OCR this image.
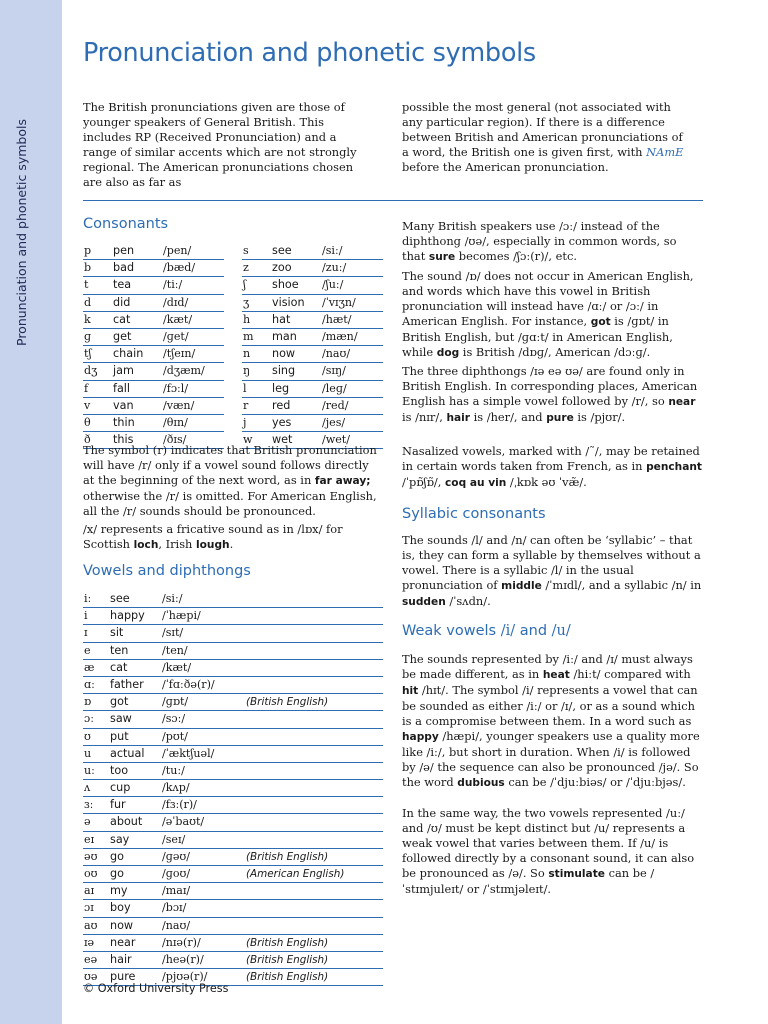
Pronunciation and phonetic symbols
Pronunciation and phonetic symbols

The British pronunciations given are those of younger speakers of General British. This includes RP (Received Pronunciation) and a range of similar accents which are not strongly regional. The American pronunciations chosen are also as far as

possible the most general (not associated with any particular region). If there is a difference between British and American pronunciations of a word, the British one is given first, with NAmE before the American pronunciation.

Consonants
p pen	/pen/
b bad	/bæd/
t tea	/tiː/
d did	/dɪd/
k cat	/kæt/
ɡ get	/ɡet/
tʃ chain /tʃeɪn/
dʒ jam	/dʒæm/
f fall	/fɔːl/
v van	/væn/
θ thin	/θɪn/
ð this	/ðɪs/
s see	/siː/
z zoo	/zuː/
ʃ shoe /ʃuː/
ʒ vision /ˈvɪʒn/
h hat	/hæt/
m man /mæn/
n now /naʊ/
ŋ sing /sɪŋ/
l leg	/leɡ/
r red	/red/
j yes	/jes/
w wet	/wet/

The symbol (r) indicates that British pronunciation will have /r/ only if a vowel sound follows directly at the beginning of the next word, as in far away; otherwise the /r/ is omitted. For American English, all the /r/ sounds should be pronounced.

/x/ represents a fricative sound as in /lɒx/ for Scottish loch, Irish lough.

Vowels and diphthongs
iː see	/siː/
i happy /ˈhæpi/
ɪ sit	/sɪt/
e ten	/ten/
æ cat	/kæt/
ɑː father /ˈfɑːðə(r)/
ɒ got	/ɡɒt/	(British English)
ɔː saw	/sɔː/
ʊ put	/pʊt/
u actual /ˈæktʃuəl/
uː too	/tuː/
ʌ cup	/kʌp/
ɜː fur	/fɜː(r)/
ə about /əˈbaʊt/
eɪ say	/seɪ/
əʊ go	/ɡəʊ/	(British English)
oʊ go	/ɡoʊ/	(American English)
aɪ my	/maɪ/
ɔɪ boy	/bɔɪ/
aʊ now	/naʊ/
ɪə near /nɪə(r)/	(British English)
eə hair	/heə(r)/	(British English)
ʊə pure /pjʊə(r)/	(British English)

Many British speakers use /ɔː/ instead of the diphthong /ʊə/, especially in common words, so that sure becomes /ʃɔː(r)/, etc.

The sound /ɒ/ does not occur in American English, and words which have this vowel in British pronunciation will instead have /ɑː/ or /ɔː/ in American English. For instance, got is /ɡɒt/ in British English, but /ɡɑːt/ in American English, while dog is British /dɒɡ/, American /dɔːɡ/.

The three diphthongs /ɪə eə ʊə/ are found only in British English. In corresponding places, American English has a simple vowel followed by /r/, so near is /nɪr/, hair is /her/, and pure is /pjʊr/.

Nasalized vowels, marked with /˜/, may be retained in certain words taken from French, as in penchant /ˈpɒ̃ʃɒ̃/, coq au vin /ˌkɒk əʊ ˈvæ̃/.

Syllabic consonants

The sounds /l/ and /n/ can often be ‘syllabic’ – that is, they can form a syllable by themselves without a vowel. There is a syllabic /l/ in the usual pronunciation of middle /ˈmɪdl/, and a syllabic /n/ in sudden /ˈsʌdn/.

Weak vowels /i/ and /u/

The sounds represented by /iː/ and /ɪ/ must always be made different, as in heat /hiːt/ compared with hit /hɪt/. The symbol /i/ represents a vowel that can be sounded as either /iː/ or /ɪ/, or as a sound which is a compromise between them. In a word such as happy /hæpi/, younger speakers use a quality more like /iː/, but short in duration. When /i/ is followed by /ə/ the sequence can also be pronounced /jə/. So the word dubious can be /ˈdjuːbiəs/ or /ˈdjuːbjəs/.

In the same way, the two vowels represented /uː/ and /ʊ/ must be kept distinct but /u/ represents a weak vowel that varies between them. If /u/ is followed directly by a consonant sound, it can also be pronounced as /ə/. So stimulate can be /ˈstɪmjuleɪt/ or /ˈstɪmjəleɪt/.

© Oxford University Press
